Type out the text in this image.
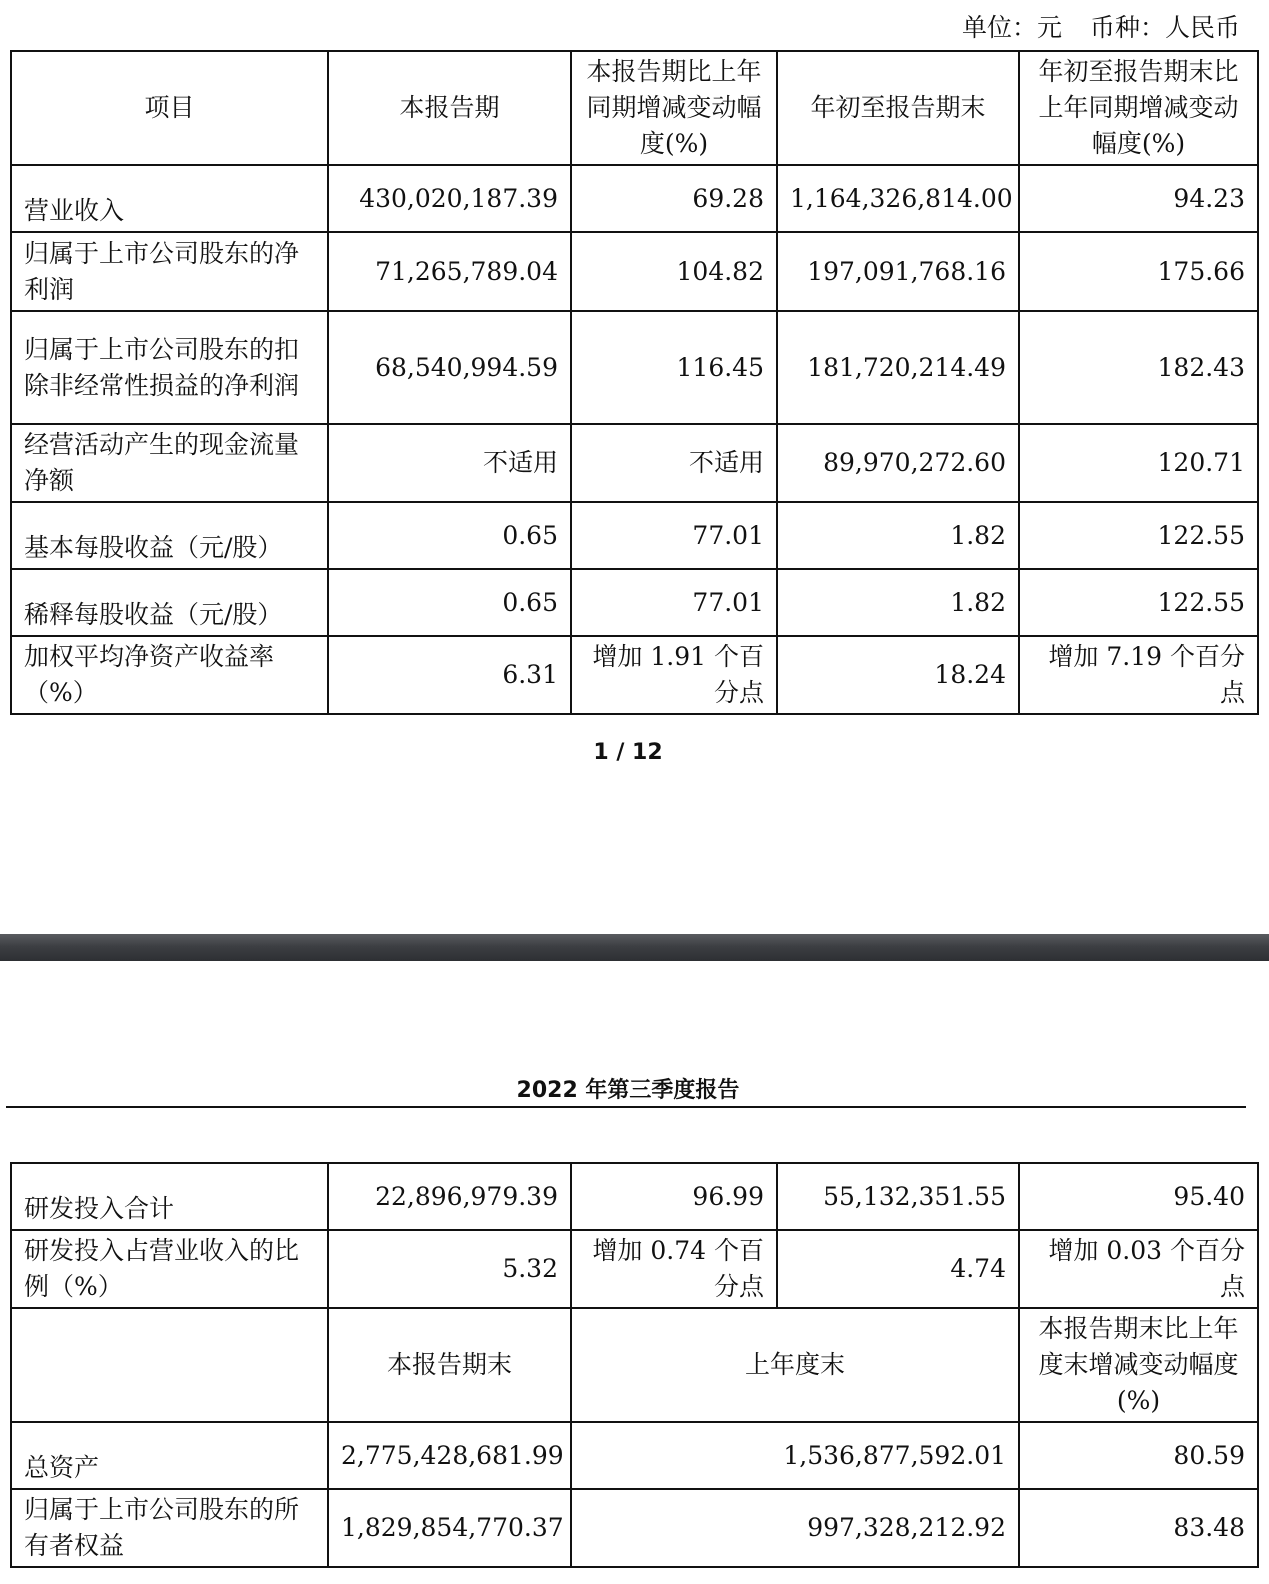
单位：元 币种：人民币
项目	本报告期	本报告期比上年同期增减变动幅度(%)	年初至报告期末	年初至报告期末比上年同期增减变动幅度(%)
营业收入	430,020,187.39	69.28	1,164,326,814.00	94.23
归属于上市公司股东的净利润	71,265,789.04	104.82	197,091,768.16	175.66
归属于上市公司股东的扣除非经常性损益的净利润	68,540,994.59	116.45	181,720,214.49	182.43
经营活动产生的现金流量净额	不适用	不适用	89,970,272.60	120.71
基本每股收益（元/股）	0.65	77.01	1.82	122.55
稀释每股收益（元/股）	0.65	77.01	1.82	122.55
加权平均净资产收益率（%）	6.31	增加 1.91 个百分点	18.24	增加 7.19 个百分点
1 / 12
2022 年第三季度报告
研发投入合计	22,896,979.39	96.99	55,132,351.55	95.40
研发投入占营业收入的比例（%）	5.32	增加 0.74 个百分点	4.74	增加 0.03 个百分点
	本报告期末	上年度末		本报告期末比上年度末增减变动幅度(%)
总资产	2,775,428,681.99	1,536,877,592.01		80.59
归属于上市公司股东的所有者权益	1,829,854,770.37	997,328,212.92		83.48
